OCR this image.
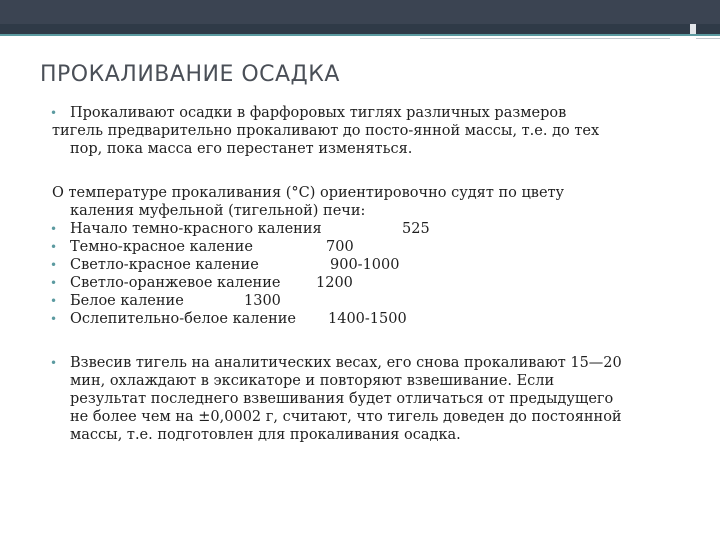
ПРОКАЛИВАНИЕ ОСАДКА
• Прокаливают осадки в фарфоровых тиглях различных размеров
тигель предварительно прокаливают до посто-янной массы, т.е. до тех
пор, пока масса его перестанет изменяться.
О температуре прокаливания (°С) ориентировочно судят по цвету
каления муфельной (тигельной) печи:
• Начало темно-красного каления	525
• Темно-красное каление	700
• Светло-красное каление	900-1000
• Светло-оранжевое каление 1200
• Белое каление	1300
• Ослепительно-белое каление 1400-1500
• Взвесив тигель на аналитических весах, его снова прокаливают 15—20
мин, охлаждают в эксикаторе и повторяют взвешивание. Если
результат последнего взвешивания будет отличаться от предыдущего
не более чем на ±0,0002 г, считают, что тигель доведен до постоянной
массы, т.е. подготовлен для прокаливания осадка.
